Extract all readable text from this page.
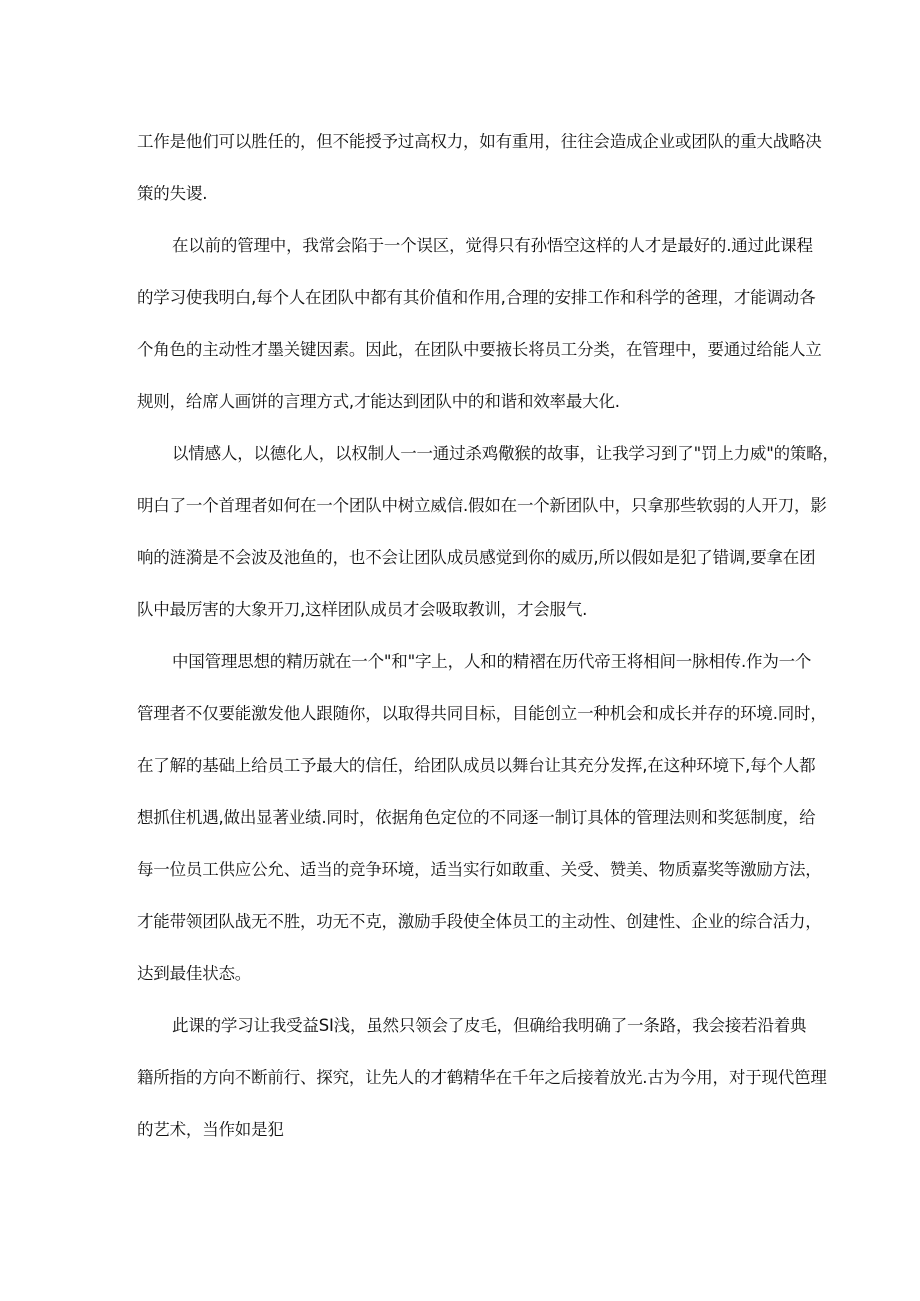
工作是他们可以胜任的，但不能授予过高权力，如有重用，往往会造成企业或团队的重大战略决
策的失谡.
在以前的管理中，我常会陷于一个误区，觉得只有孙悟空这样的人才是最好的.通过此课程
的学习使我明白,每个人在团队中都有其价值和作用,合理的安排工作和科学的爸理，才能调动各
个角色的主动性才墨关键因素。因此，在团队中要掖长将员工分类，在管理中，要通过给能人立
规则，给席人画饼的言理方式,才能达到团队中的和谐和效率最大化.
以情感人，以德化人，以权制人一一通过杀鸡儆猴的故事，让我学习到了"罚上力威"的策略，
明白了一个首理者如何在一个团队中树立威信.假如在一个新团队中，只拿那些软弱的人开刀，影
响的涟漪是不会波及池鱼的，也不会让团队成员感觉到你的威历,所以假如是犯了错调,要拿在团
队中最厉害的大象开刀,这样团队成员才会吸取教训，才会服气.
中国管理思想的精历就在一个"和"字上，人和的精褶在历代帝王将相间一脉相传.作为一个
管理者不仅要能激发他人跟随你，以取得共同目标，目能创立一种机会和成长并存的环境.同时，
在了解的基础上给员工予最大的信任，给团队成员以舞台让其充分发挥,在这种环境下,每个人都
想抓住机遇,做出显著业绩.同时，依据角色定位的不同逐一制订具体的管理法则和奖惩制度，给
每一位员工供应公允、适当的竞争环境，适当实行如敢重、关受、赞美、物质嘉奖等激励方法，
才能带领团队战无不胜，功无不克，激励手段使全体员工的主动性、创建性、企业的综合活力，
达到最佳状态。
此课的学习让我受益SI浅，虽然只领会了皮毛，但确给我明确了一条路，我会接若沿着典
籍所指的方向不断前行、探究，让先人的才鹤精华在千年之后接着放光.古为今用，对于现代笆理
的艺术，当作如是犯
